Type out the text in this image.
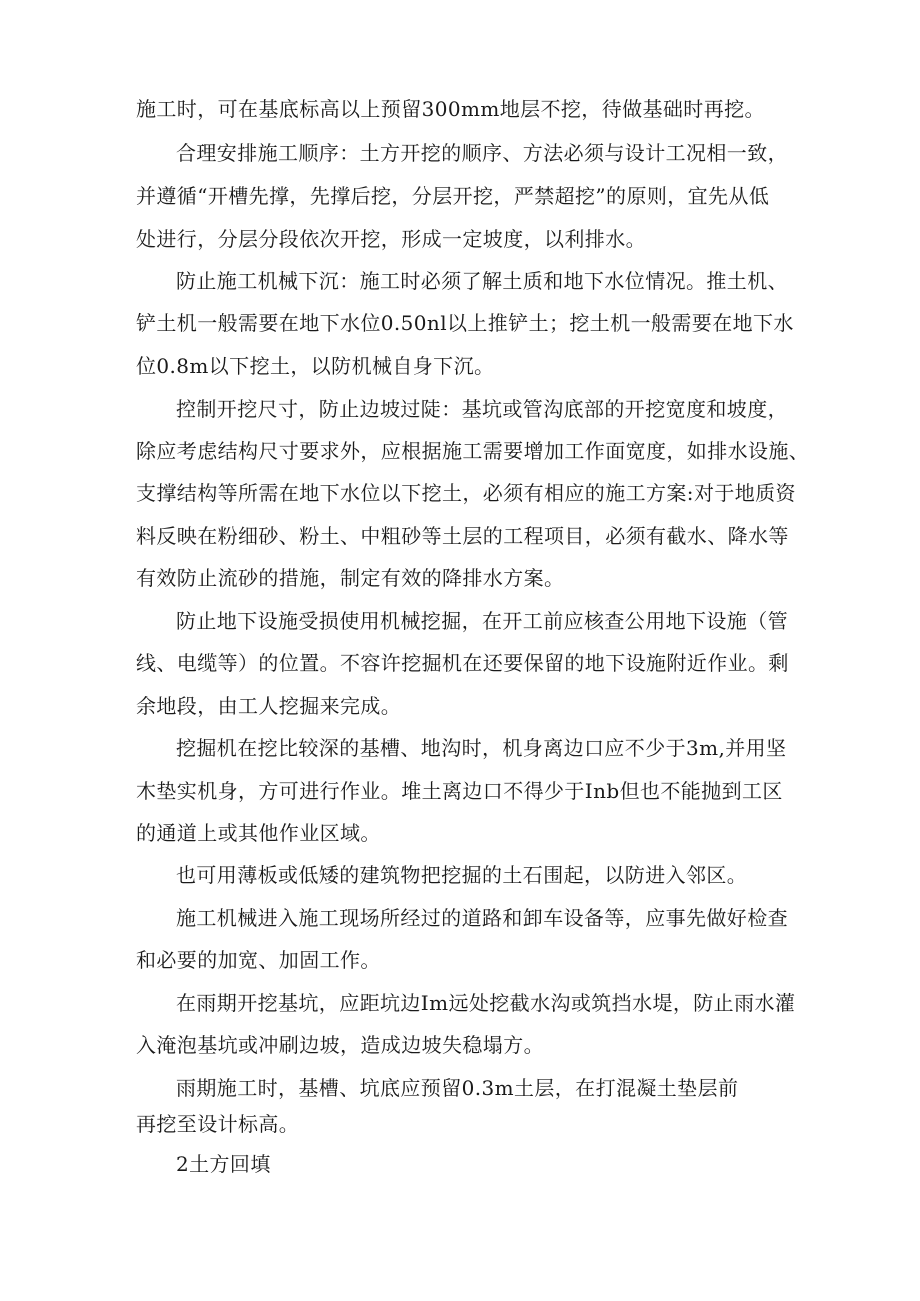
施工时，可在基底标高以上预留300mm地层不挖，待做基础时再挖。
合理安排施工顺序：土方开挖的顺序、方法必须与设计工况相一致，
并遵循“开槽先撑，先撑后挖，分层开挖，严禁超挖”的原则，宜先从低
处进行，分层分段依次开挖，形成一定坡度，以利排水。
防止施工机械下沉：施工时必须了解土质和地下水位情况。推土机、
铲土机一般需要在地下水位0.50nl以上推铲土；挖土机一般需要在地下水
位0.8m以下挖土，以防机械自身下沉。
控制开挖尺寸，防止边坡过陡：基坑或管沟底部的开挖宽度和坡度，
除应考虑结构尺寸要求外，应根据施工需要增加工作面宽度，如排水设施、
支撑结构等所需在地下水位以下挖土，必须有相应的施工方案:对于地质资
料反映在粉细砂、粉土、中粗砂等土层的工程项目，必须有截水、降水等
有效防止流砂的措施，制定有效的降排水方案。
防止地下设施受损使用机械挖掘，在开工前应核查公用地下设施（管
线、电缆等）的位置。不容许挖掘机在还要保留的地下设施附近作业。剩
余地段，由工人挖掘来完成。
挖掘机在挖比较深的基槽、地沟时，机身离边口应不少于3m,并用坚
木垫实机身，方可进行作业。堆土离边口不得少于Inb但也不能抛到工区
的通道上或其他作业区域。
也可用薄板或低矮的建筑物把挖掘的土石围起，以防进入邻区。
施工机械进入施工现场所经过的道路和卸车设备等，应事先做好检查
和必要的加宽、加固工作。
在雨期开挖基坑，应距坑边Im远处挖截水沟或筑挡水堤，防止雨水灌
入淹泡基坑或冲刷边坡，造成边坡失稳塌方。
雨期施工时，基槽、坑底应预留0.3m土层，在打混凝土垫层前
再挖至设计标高。
2土方回填
